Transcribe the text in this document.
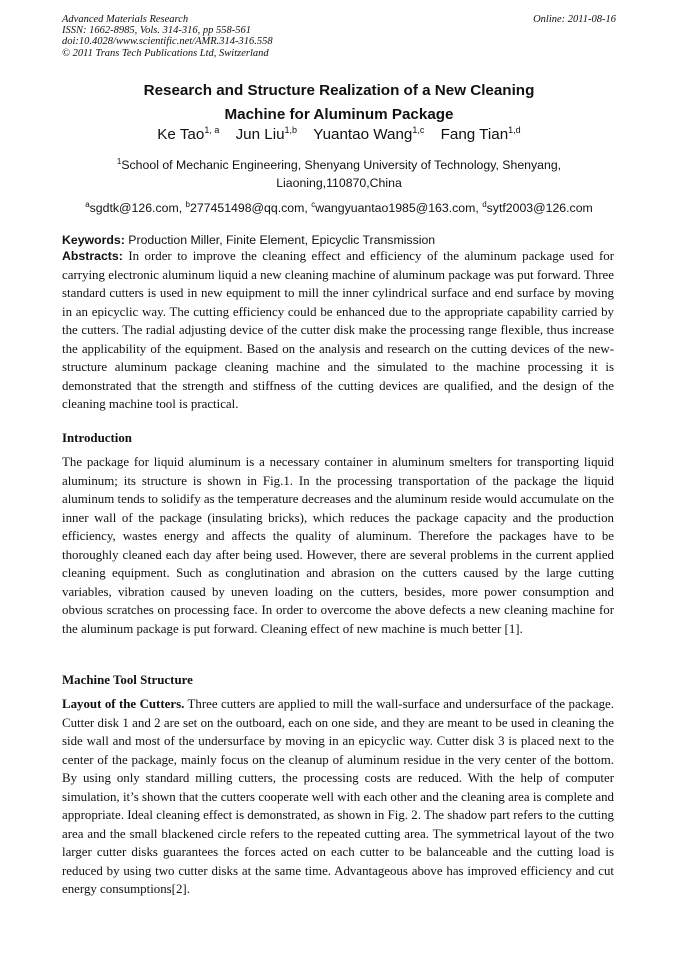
Advanced Materials Research
ISSN: 1662-8985, Vols. 314-316, pp 558-561
doi:10.4028/www.scientific.net/AMR.314-316.558
© 2011 Trans Tech Publications Ltd, Switzerland
Online: 2011-08-16
Research and Structure Realization of a New Cleaning
Machine for Aluminum Package
Ke Tao$^{1, a}$ Jun Liu$^{1,b}$ Yuantao Wang$^{1,c}$ Fang Tian$^{1,d}$
$^1$School of Mechanic Engineering, Shenyang University of Technology, Shenyang,
Liaoning,110870,China
$^a$sgdtk@126.com, $^b$277451498@qq.com, $^c$wangyuantao1985@163.com, $^d$sytf2003@126.com
Keywords: Production Miller, Finite Element, Epicyclic Transmission
Abstracts: In order to improve the cleaning effect and efficiency of the aluminum package used for carrying electronic aluminum liquid a new cleaning machine of aluminum package was put forward. Three standard cutters is used in new equipment to mill the inner cylindrical surface and end surface by moving in an epicyclic way. The cutting efficiency could be enhanced due to the appropriate capability carried by the cutters. The radial adjusting device of the cutter disk make the processing range flexible, thus increase the applicability of the equipment. Based on the analysis and research on the cutting devices of the new-structure aluminum package cleaning machine and the simulated to the machine processing it is demonstrated that the strength and stiffness of the cutting devices are qualified, and the design of the cleaning machine tool is practical.
Introduction
The package for liquid aluminum is a necessary container in aluminum smelters for transporting liquid aluminum; its structure is shown in Fig.1. In the processing transportation of the package the liquid aluminum tends to solidify as the temperature decreases and the aluminum reside would accumulate on the inner wall of the package (insulating bricks), which reduces the package capacity and the production efficiency, wastes energy and affects the quality of aluminum. Therefore the packages have to be thoroughly cleaned each day after being used. However, there are several problems in the current applied cleaning equipment. Such as conglutination and abrasion on the cutters caused by the large cutting variables, vibration caused by uneven loading on the cutters, besides, more power consumption and obvious scratches on processing face. In order to overcome the above defects a new cleaning machine for the aluminum package is put forward. Cleaning effect of new machine is much better [1].
Machine Tool Structure
Layout of the Cutters. Three cutters are applied to mill the wall-surface and undersurface of the package. Cutter disk 1 and 2 are set on the outboard, each on one side, and they are meant to be used in cleaning the side wall and most of the undersurface by moving in an epicyclic way. Cutter disk 3 is placed next to the center of the package, mainly focus on the cleanup of aluminum residue in the very center of the bottom. By using only standard milling cutters, the processing costs are reduced. With the help of computer simulation, it’s shown that the cutters cooperate well with each other and the cleaning area is complete and appropriate. Ideal cleaning effect is demonstrated, as shown in Fig. 2. The shadow part refers to the cutting area and the small blackened circle refers to the repeated cutting area. The symmetrical layout of the two larger cutter disks guarantees the forces acted on each cutter to be balanceable and the cutting load is reduced by using two cutter disks at the same time. Advantageous above has improved efficiency and cut energy consumptions[2].
